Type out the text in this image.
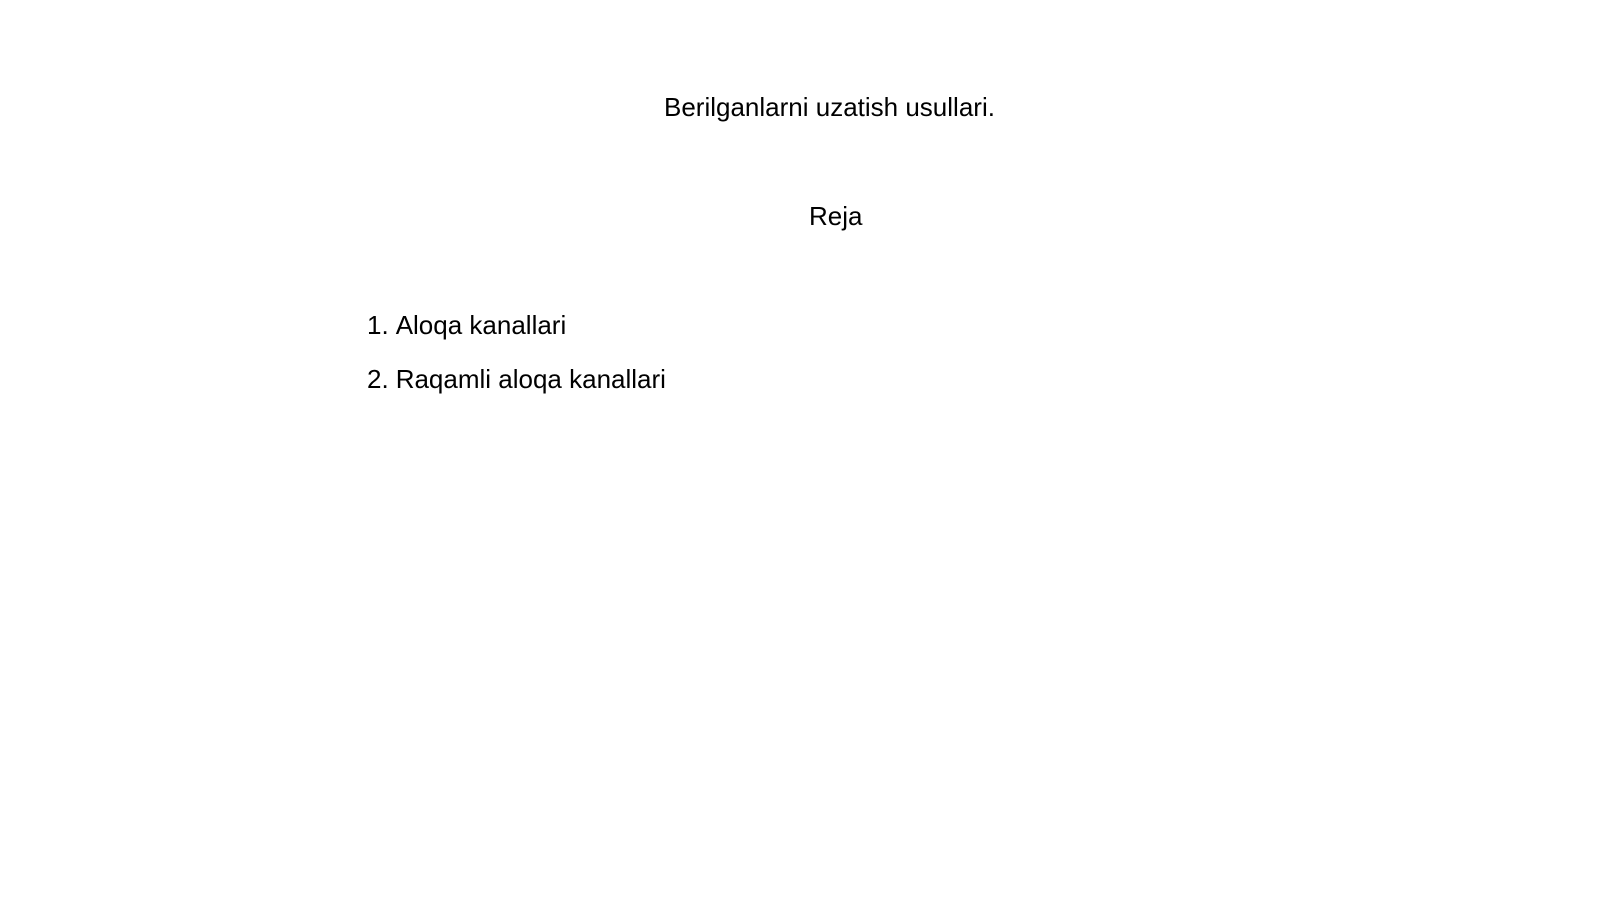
Berilganlarni uzatish usullari.
Reja
1. Aloqa kanallari
2. Raqamli aloqa kanallari
